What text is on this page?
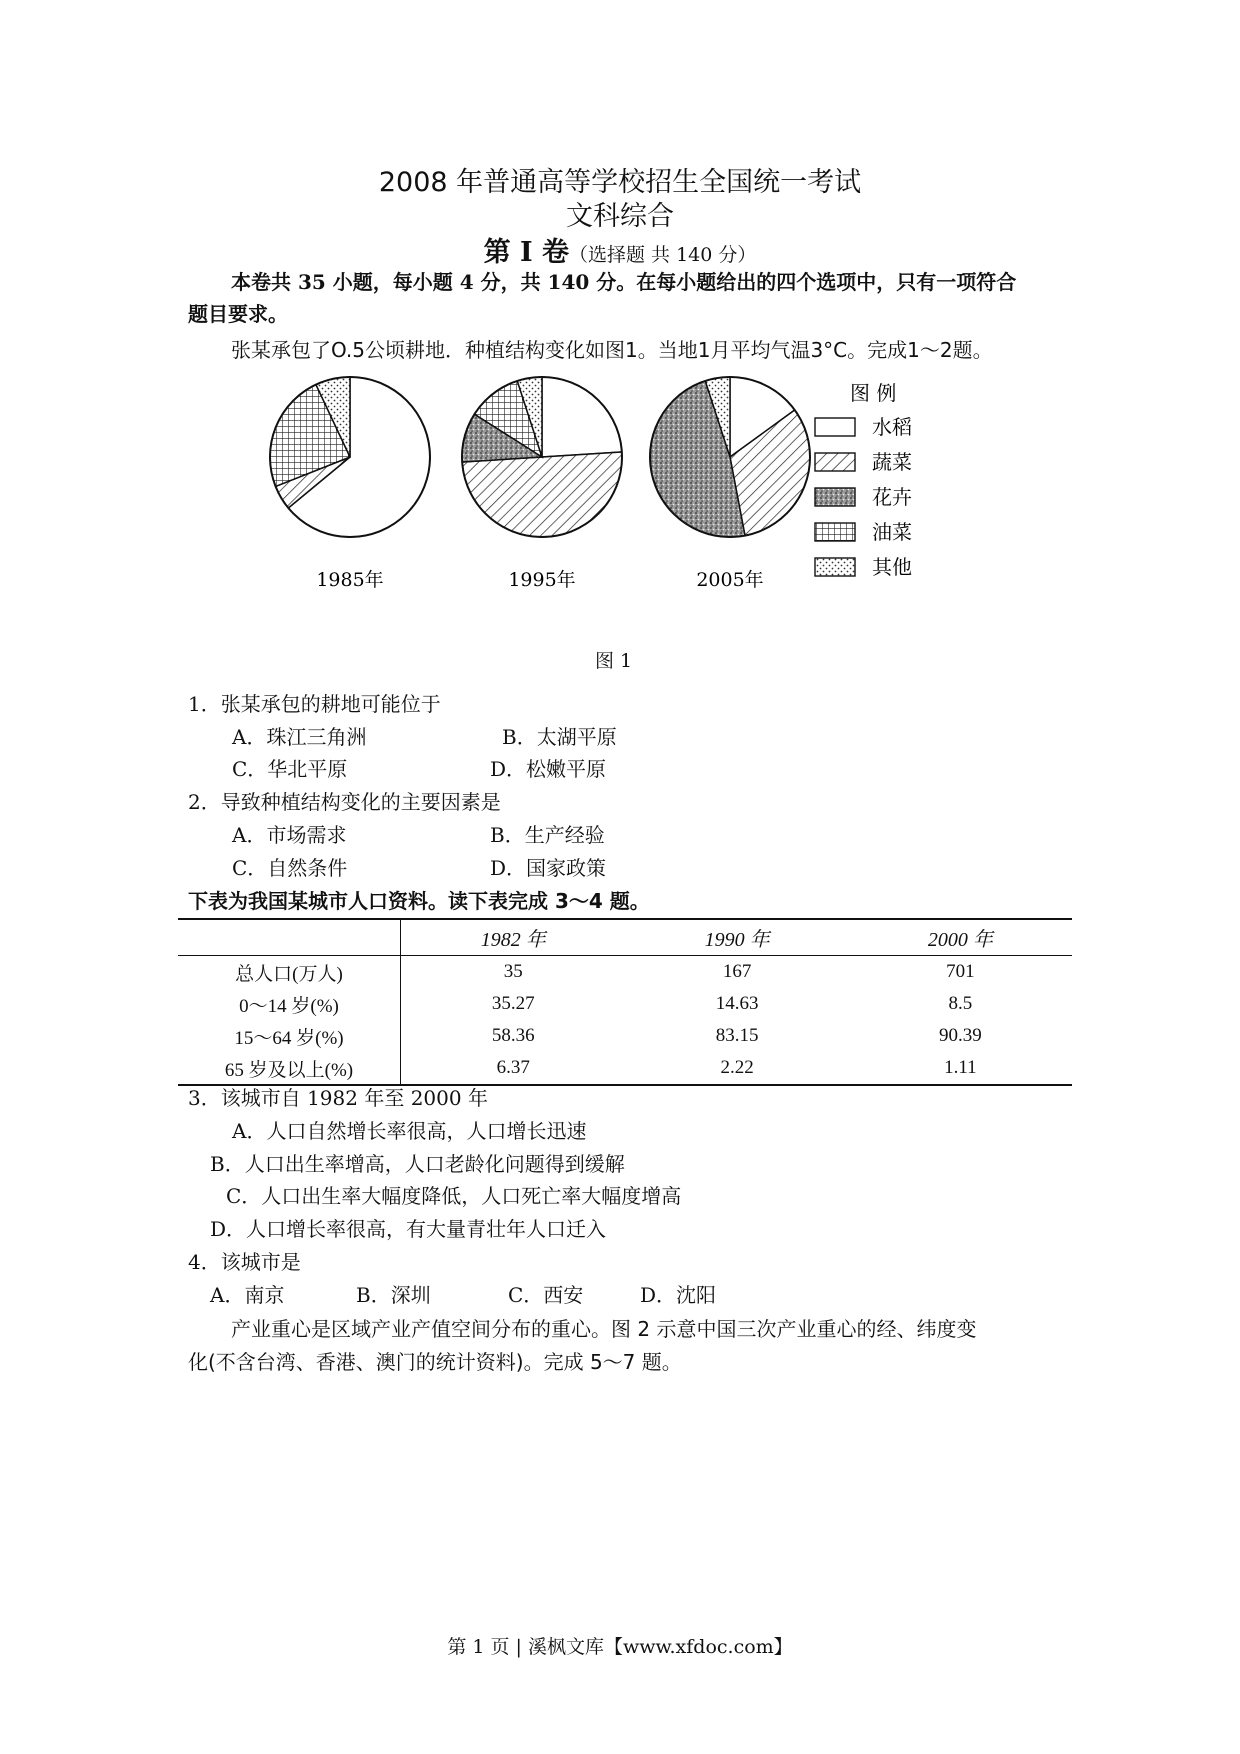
2008 年普通高等学校招生全国统一考试
文科综合
第 I 卷（选择题 共 140 分）
本卷共 35 小题，每小题 4 分，共 140 分。在每小题给出的四个选项中，只有一项符合
题目要求。
张某承包了O.5公顷耕地．种植结构变化如图1。当地1月平均气温3°C。完成1～2题。
1985年	1995年	2005年
图 例
水稻
蔬菜
花卉
油菜
其他
图 1
1．张某承包的耕地可能位于
A．珠江三角洲	B．太湖平原
C．华北平原	D．松嫩平原
2．导致种植结构变化的主要因素是
A．市场需求	B．生产经验
C．自然条件	D．国家政策
下表为我国某城市人口资料。读下表完成 3～4 题。
	1982 年	1990 年	2000 年
总人口(万人)	35	167	701
0～14 岁(%)	35.27	14.63	8.5
15～64 岁(%)	58.36	83.15	90.39
65 岁及以上(%)	6.37	2.22	1.11
3．该城市自 1982 年至 2000 年
A．人口自然增长率很高，人口增长迅速
B．人口出生率增高，人口老龄化问题得到缓解
C．人口出生率大幅度降低，人口死亡率大幅度增高
D．人口增长率很高，有大量青壮年人口迁入
4．该城市是
A．南京	B．深圳	C．西安	D．沈阳
产业重心是区域产业产值空间分布的重心。图 2 示意中国三次产业重心的经、纬度变
化(不含台湾、香港、澳门的统计资料)。完成 5～7 题。
第 1 页 | 溪枫文库【www.xfdoc.com】
